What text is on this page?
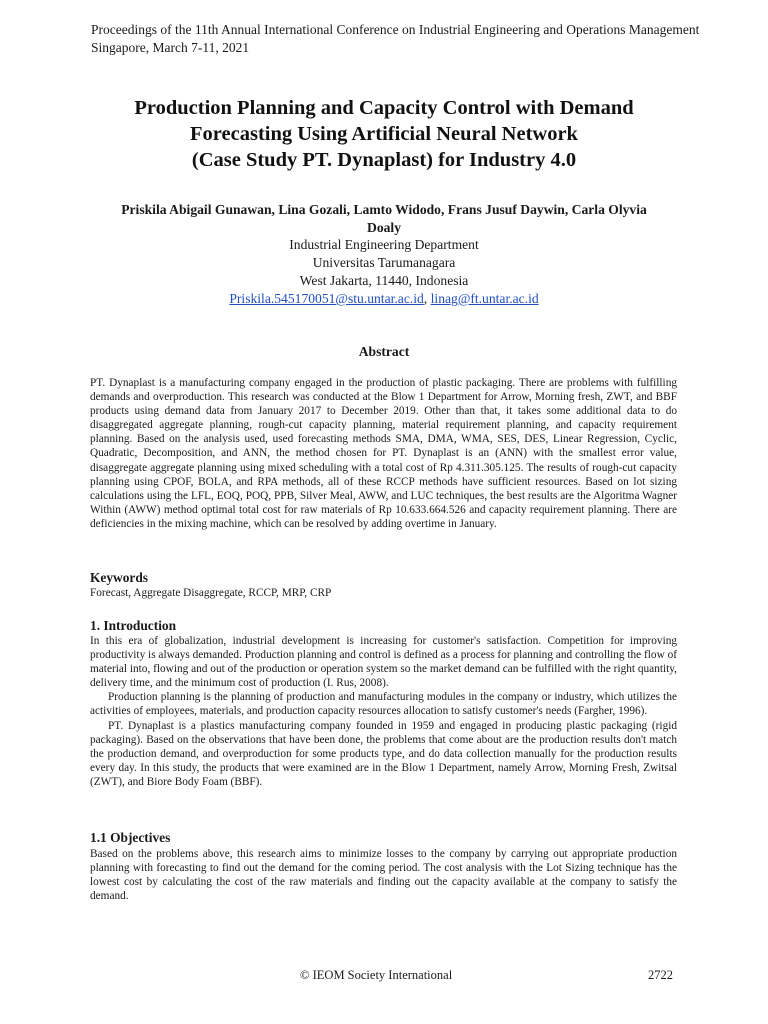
Proceedings of the 11th Annual International Conference on Industrial Engineering and Operations Management
Singapore, March 7-11, 2021
Production Planning and Capacity Control with Demand
Forecasting Using Artificial Neural Network
(Case Study PT. Dynaplast) for Industry 4.0
Priskila Abigail Gunawan, Lina Gozali, Lamto Widodo, Frans Jusuf Daywin, Carla Olyvia
Doaly
Industrial Engineering Department
Universitas Tarumanagara
West Jakarta, 11440, Indonesia
Priskila.545170051@stu.untar.ac.id, linag@ft.untar.ac.id
Abstract

PT. Dynaplast is a manufacturing company engaged in the production of plastic packaging. There are problems with fulfilling demands and overproduction. This research was conducted at the Blow 1 Department for Arrow, Morning fresh, ZWT, and BBF products using demand data from January 2017 to December 2019. Other than that, it takes some additional data to do disaggregated aggregate planning, rough-cut capacity planning, material requirement planning, and capacity requirement planning. Based on the analysis used, used forecasting methods SMA, DMA, WMA, SES, DES, Linear Regression, Cyclic, Quadratic, Decomposition, and ANN, the method chosen for PT. Dynaplast is an (ANN) with the smallest error value, disaggregate aggregate planning using mixed scheduling with a total cost of Rp 4.311.305.125. The results of rough-cut capacity planning using CPOF, BOLA, and RPA methods, all of these RCCP methods have sufficient resources. Based on lot sizing calculations using the LFL, EOQ, POQ, PPB, Silver Meal, AWW, and LUC techniques, the best results are the Algoritma Wagner Within (AWW) method optimal total cost for raw materials of Rp 10.633.664.526 and capacity requirement planning. There are deficiencies in the mixing machine, which can be resolved by adding overtime in January.

Keywords
Forecast, Aggregate Disaggregate, RCCP, MRP, CRP
1. Introduction

In this era of globalization, industrial development is increasing for customer's satisfaction. Competition for improving productivity is always demanded. Production planning and control is defined as a process for planning and controlling the flow of material into, flowing and out of the production or operation system so the market demand can be fulfilled with the right quantity, delivery time, and the minimum cost of production (I. Rus, 2008).

Production planning is the planning of production and manufacturing modules in the company or industry, which utilizes the activities of employees, materials, and production capacity resources allocation to satisfy customer's needs (Fargher, 1996).

PT. Dynaplast is a plastics manufacturing company founded in 1959 and engaged in producing plastic packaging (rigid packaging). Based on the observations that have been done, the problems that come about are the production results don't match the production demand, and overproduction for some products type, and do data collection manually for the production results every day. In this study, the products that were examined are in the Blow 1 Department, namely Arrow, Morning Fresh, Zwitsal (ZWT), and Biore Body Foam (BBF).

1.1 Objectives

Based on the problems above, this research aims to minimize losses to the company by carrying out appropriate production planning with forecasting to find out the demand for the coming period. The cost analysis with the Lot Sizing technique has the lowest cost by calculating the cost of the raw materials and finding out the capacity available at the company to satisfy the demand.

© IEOM Society International	2722
